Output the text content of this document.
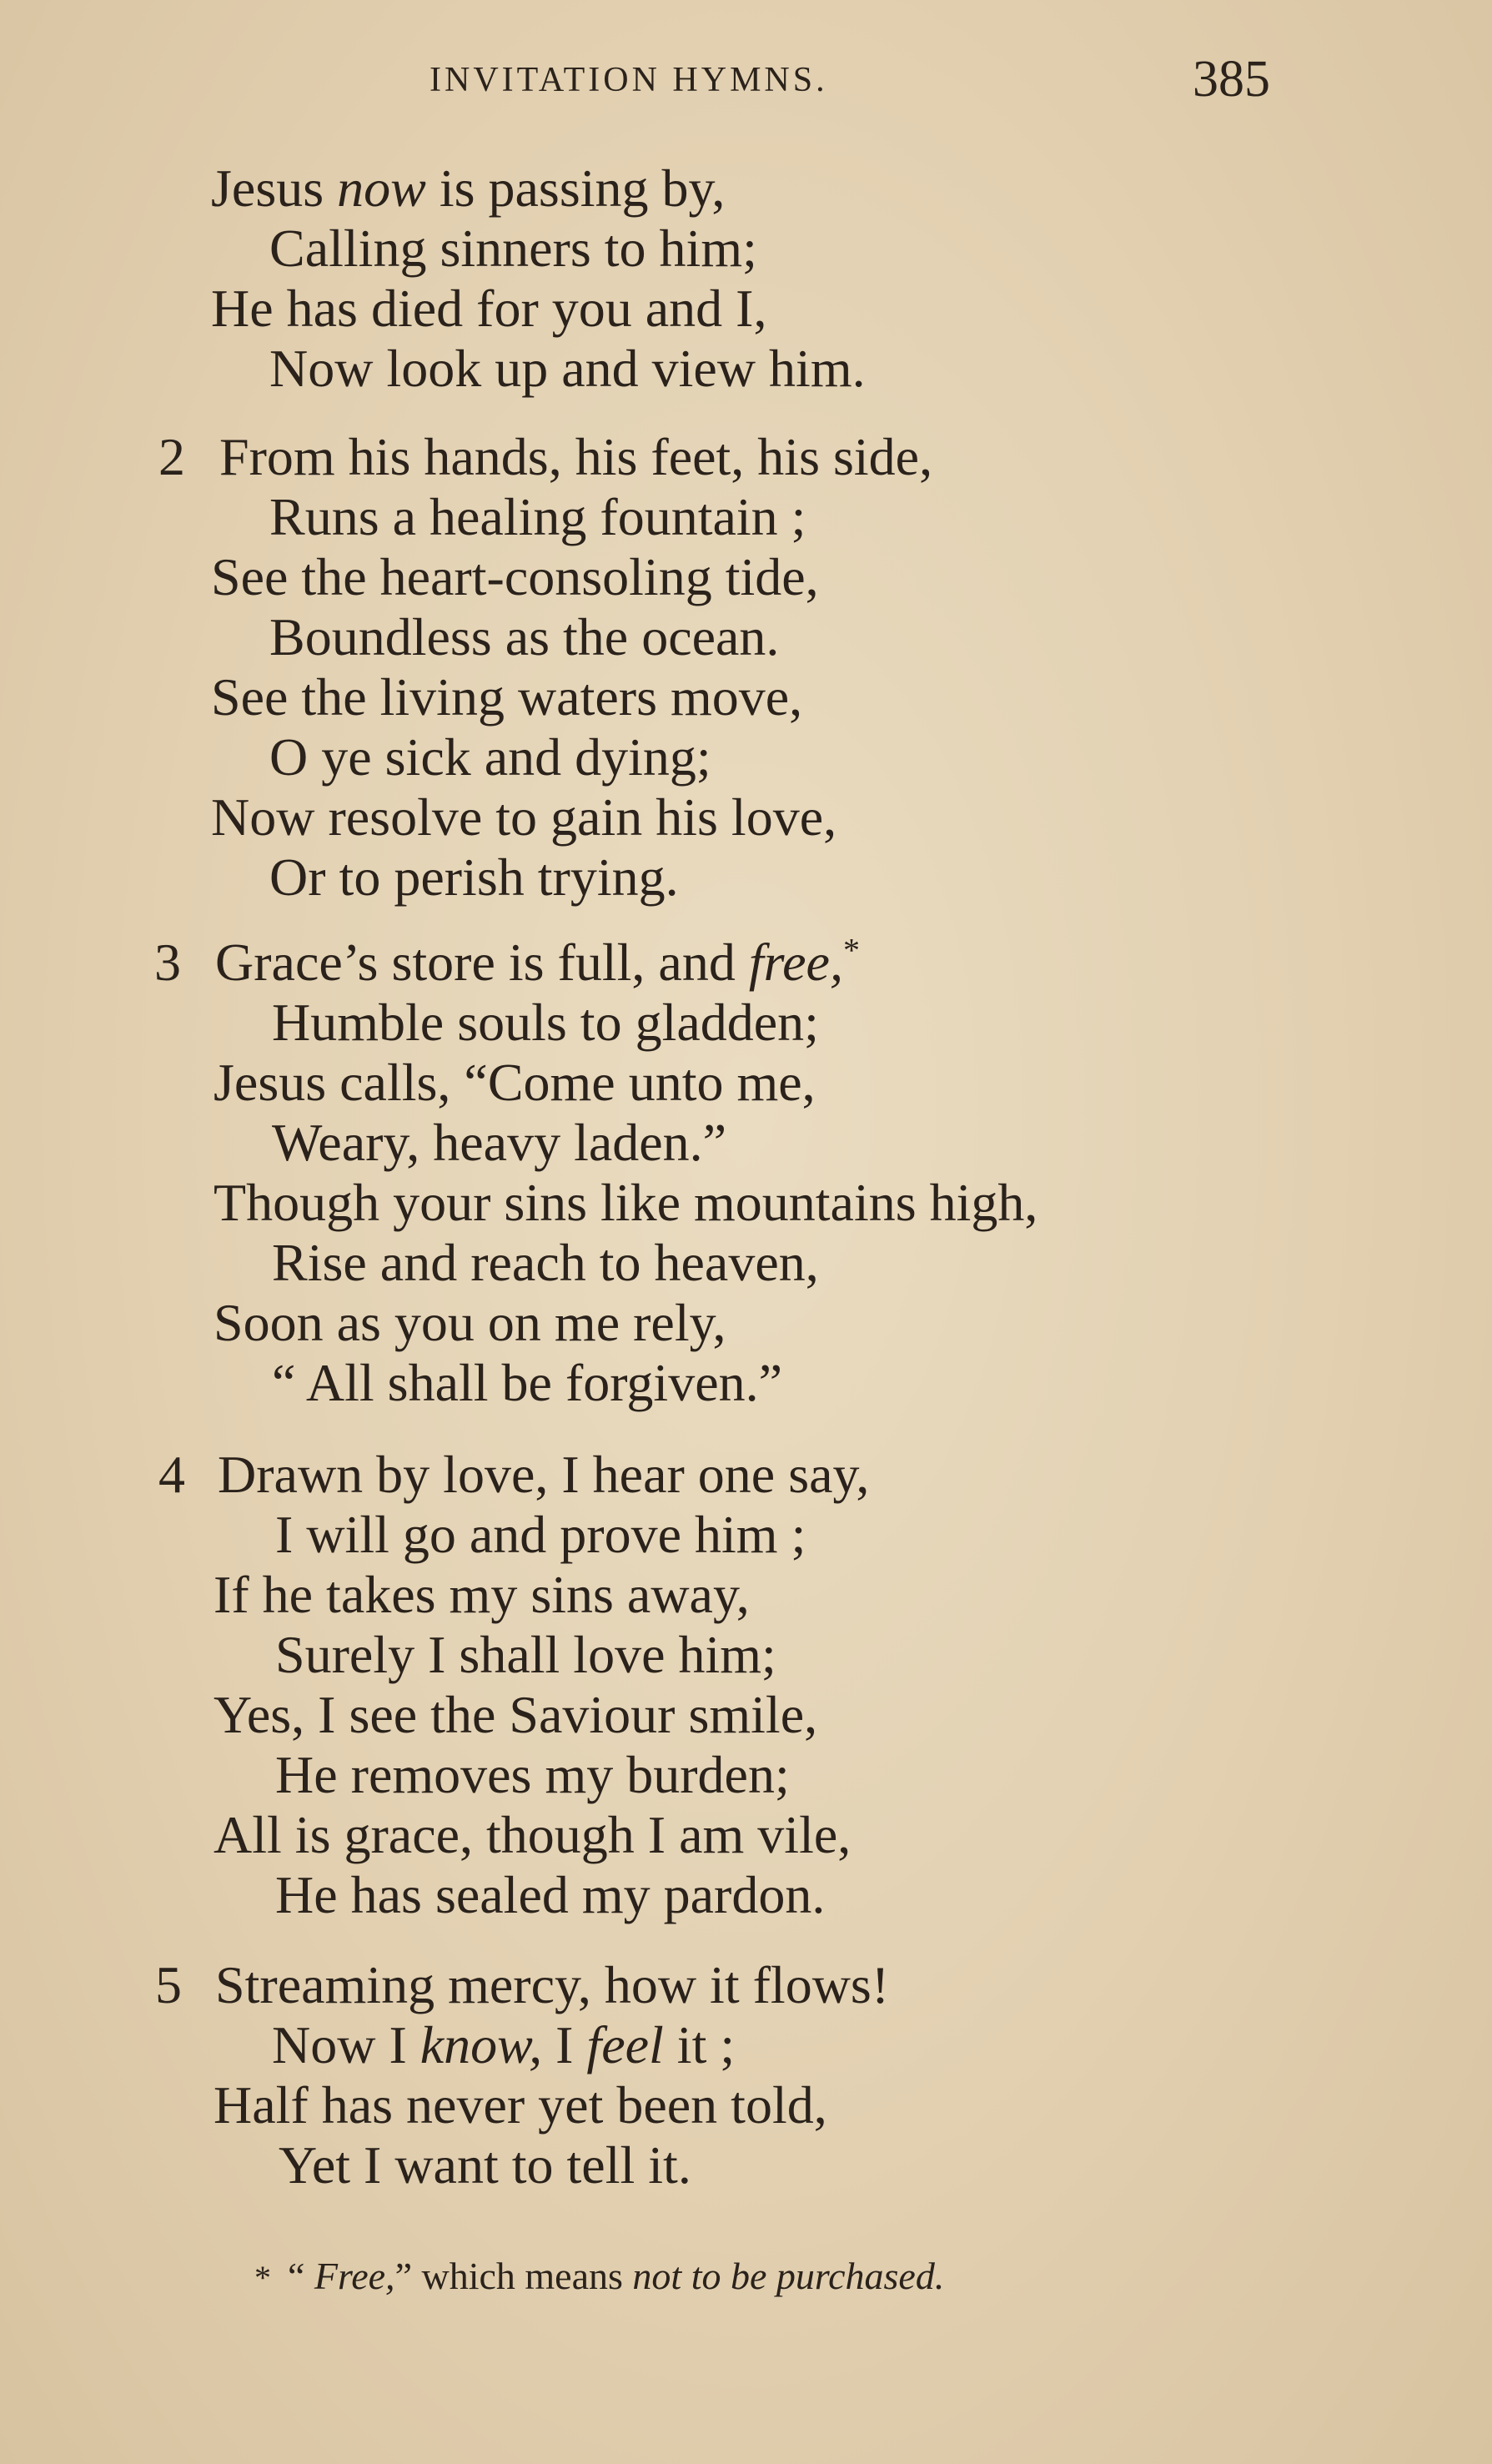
INVITATION HYMNS.	385
Jesus now is passing by,
Calling sinners to him;
He has died for you and I,
Now look up and view him.
2 From his hands, his feet, his side,
Runs a healing fountain ;
See the heart-consoling tide,
Boundless as the ocean.
See the living waters move,
O ye sick and dying;
Now resolve to gain his love,
Or to perish trying.
3 Grace’s store is full, and free,*
Humble souls to gladden;
Jesus calls, “Come unto me,
Weary, heavy laden.”
Though your sins like mountains high,
Rise and reach to heaven,
Soon as you on me rely,
“ All shall be forgiven.”
4 Drawn by love, I hear one say,
I will go and prove him ;
If he takes my sins away,
Surely I shall love him;
Yes, I see the Saviour smile,
He removes my burden;
All is grace, though I am vile,
He has sealed my pardon.
5 Streaming mercy, how it flows!
Now I know, I feel it ;
Half has never yet been told,
Yet I want to tell it.
* “ Free,” which means not to be purchased.
